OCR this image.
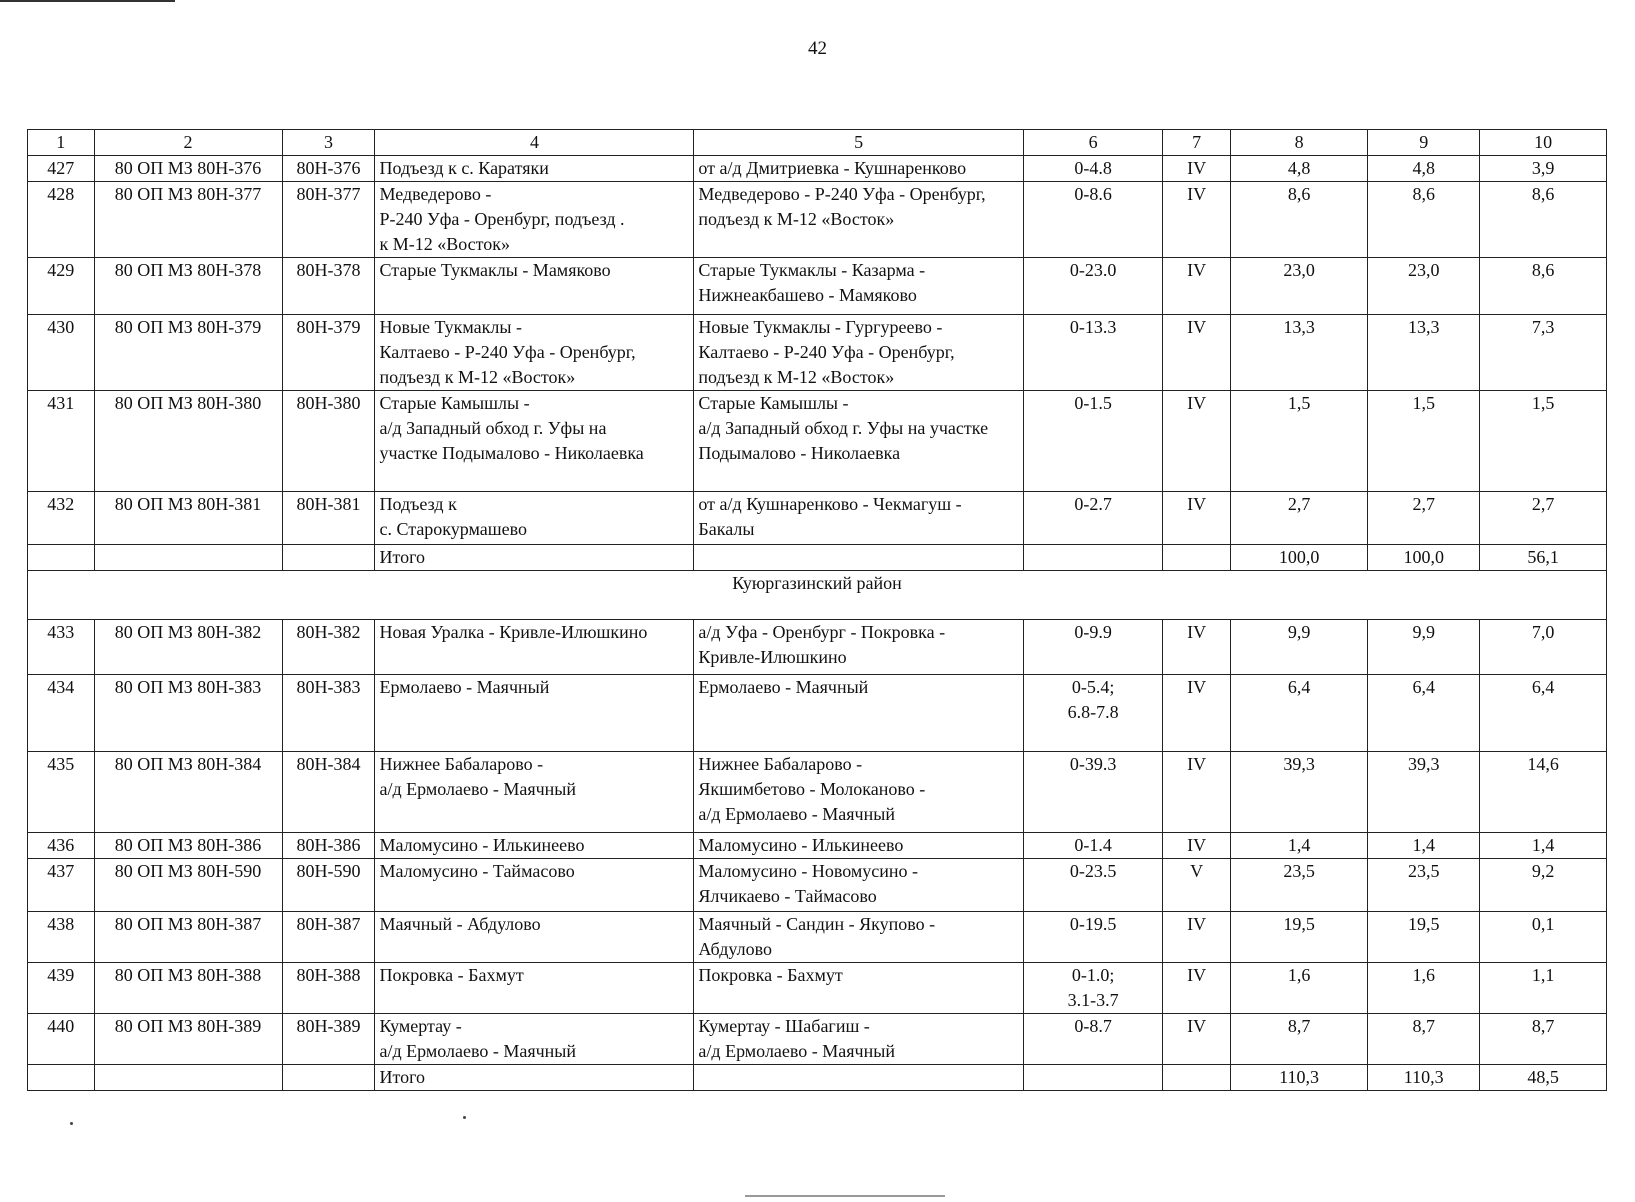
42
1	2	3	4	5	6	7	8	9	10
427	80 ОП МЗ 80Н-376	80Н-376	Подъезд к с. Каратяки	от а/д Дмитриевка - Кушнаренково	0-4.8	IV	4,8	4,8	3,9
428	80 ОП МЗ 80Н-377	80Н-377	Медведерово -
Р-240 Уфа - Оренбург, подъезд .
к М-12 «Восток»	Медведерово - Р-240 Уфа - Оренбург,
подъезд к М-12 «Восток»	0-8.6	IV	8,6	8,6	8,6
429	80 ОП МЗ 80Н-378	80Н-378	Старые Тукмаклы - Мамяково	Старые Тукмаклы - Казарма -
Нижнеакбашево - Мамяково	0-23.0	IV	23,0	23,0	8,6
430	80 ОП МЗ 80Н-379	80Н-379	Новые Тукмаклы -
Калтаево - Р-240 Уфа - Оренбург,
подъезд к М-12 «Восток»	Новые Тукмаклы - Гургуреево -
Калтаево - Р-240 Уфа - Оренбург,
подъезд к М-12 «Восток»	0-13.3	IV	13,3	13,3	7,3
431	80 ОП МЗ 80Н-380	80Н-380	Старые Камышлы -
а/д Западный обход г. Уфы на
участке Подымалово - Николаевка	Старые Камышлы -
а/д Западный обход г. Уфы на участке
Подымалово - Николаевка	0-1.5	IV	1,5	1,5	1,5
432	80 ОП МЗ 80Н-381	80Н-381	Подъезд к
с. Старокурмашево	от а/д Кушнаренково - Чекмагуш -
Бакалы	0-2.7	IV	2,7	2,7	2,7
			Итого				100,0	100,0	56,1
Куюргазинский район									
433	80 ОП МЗ 80Н-382	80Н-382	Новая Уралка - Кривле-Илюшкино	а/д Уфа - Оренбург - Покровка -
Кривле-Илюшкино	0-9.9	IV	9,9	9,9	7,0
434	80 ОП МЗ 80Н-383	80Н-383	Ермолаево - Маячный	Ермолаево - Маячный	0-5.4;
6.8-7.8	IV	6,4	6,4	6,4
435	80 ОП МЗ 80Н-384	80Н-384	Нижнее Бабаларово -
а/д Ермолаево - Маячный	Нижнее Бабаларово -
Якшимбетово - Молоканово -
а/д Ермолаево - Маячный	0-39.3	IV	39,3	39,3	14,6
436	80 ОП МЗ 80Н-386	80Н-386	Маломусино - Илькинеево	Маломусино - Илькинеево	0-1.4	IV	1,4	1,4	1,4
437	80 ОП МЗ 80Н-590	80Н-590	Маломусино - Таймасово	Маломусино - Новомусино -
Ялчикаево - Таймасово	0-23.5	V	23,5	23,5	9,2
438	80 ОП МЗ 80Н-387	80Н-387	Маячный - Абдулово	Маячный - Сандин - Якупово -
Абдулово	0-19.5	IV	19,5	19,5	0,1
439	80 ОП МЗ 80Н-388	80Н-388	Покровка - Бахмут	Покровка - Бахмут	0-1.0;
3.1-3.7	IV	1,6	1,6	1,1
440	80 ОП МЗ 80Н-389	80Н-389	Кумертау -
а/д Ермолаево - Маячный	Кумертау - Шабагиш -
а/д Ермолаево - Маячный	0-8.7	IV	8,7	8,7	8,7
			Итого				110,3	110,3	48,5
